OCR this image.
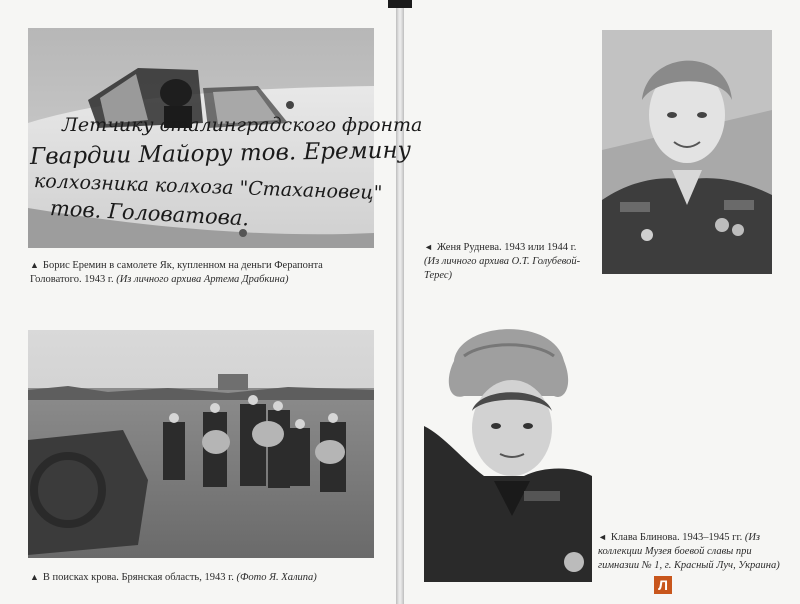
Летчику сталинградского фронта
Гвардии Майору тов. Еремину
колхозника колхоза "Стахановец"
тов. Головатова.
▲ Борис Еремин в самолете Як, купленном на деньги Ферапонта Головатого. 1943 г. (Из личного архива Артема Драбкина)
▲ В поисках крова. Брянская область, 1943 г. (Фото Я. Халипа)
◄ Женя Руднева. 1943 или 1944 г. (Из личного архива О.Т. Голубевой-Терес)
◄ Клава Блинова. 1943–1945 гг. (Из коллекции Музея боевой славы при гимназии № 1, г. Красный Луч, Украина)
Л
